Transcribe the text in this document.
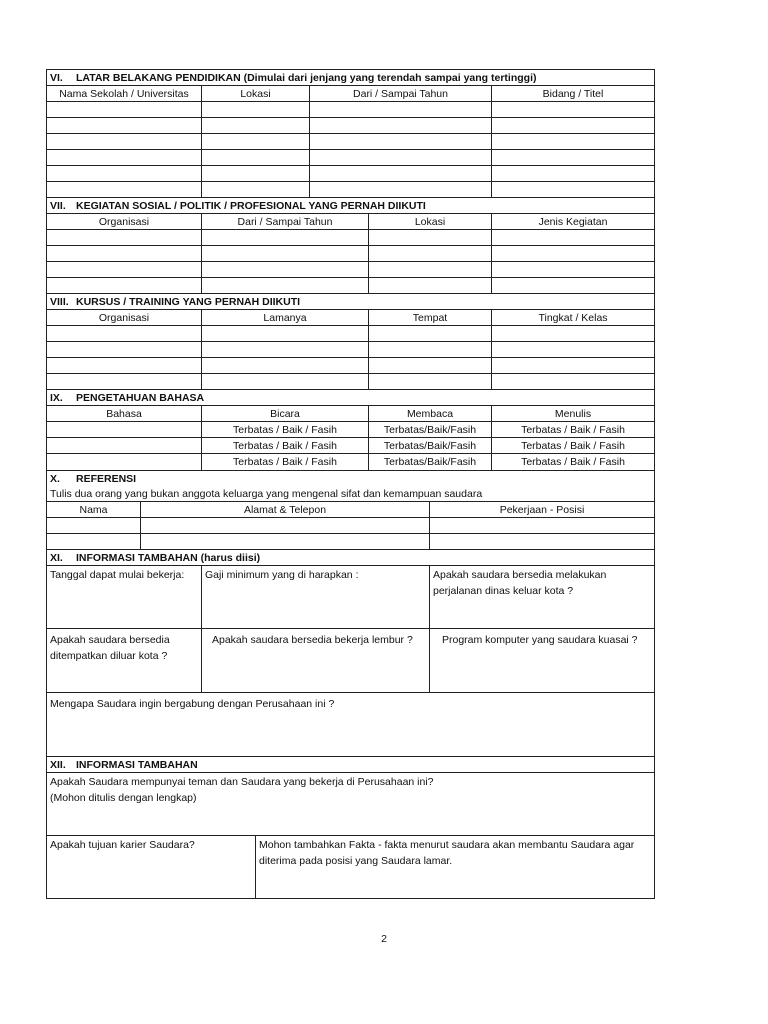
VI. LATAR BELAKANG PENDIDIKAN (Dimulai dari jenjang yang terendah sampai yang tertinggi)			
Nama Sekolah / Universitas	Lokasi	Dari / Sampai Tahun	Bidang / Titel

VII. KEGIATAN SOSIAL / POLITIK / PROFESIONAL YANG PERNAH DIIKUTI			
Organisasi	Dari / Sampai Tahun	Lokasi	Jenis Kegiatan

VIII. KURSUS / TRAINING YANG PERNAH DIIKUTI			
Organisasi	Lamanya	Tempat	Tingkat / Kelas

IX. PENGETAHUAN BAHASA			
Bahasa	Bicara	Membaca	Menulis
	Terbatas / Baik / Fasih	Terbatas/Baik/Fasih	Terbatas / Baik / Fasih
	Terbatas / Baik / Fasih	Terbatas/Baik/Fasih	Terbatas / Baik / Fasih
	Terbatas / Baik / Fasih	Terbatas/Baik/Fasih	Terbatas / Baik / Fasih
X. REFERENSI		
Tulis dua orang yang bukan anggota keluarga yang mengenal sifat dan kemampuan saudara		
Nama	Alamat & Telepon	Pekerjaan - Posisi

XI. INFORMASI TAMBAHAN (harus diisi)		
Tanggal dapat mulai bekerja:	Gaji minimum yang di harapkan :	Apakah saudara bersedia melakukan perjalanan dinas keluar kota ?
Apakah saudara bersedia ditempatkan diluar kota ?	Apakah saudara bersedia bekerja lembur ?	Program komputer yang saudara kuasai ?
Mengapa Saudara ingin bergabung dengan Perusahaan ini ?		
XII. INFORMASI TAMBAHAN

Apakah Saudara mempunyai teman dan Saudara yang bekerja di Perusahaan ini?
(Mohon ditulis dengan lengkap)

Apakah tujuan karier Saudara?	Mohon tambahkan Fakta - fakta menurut saudara akan membantu Saudara agar diterima pada posisi yang Saudara lamar.
2
